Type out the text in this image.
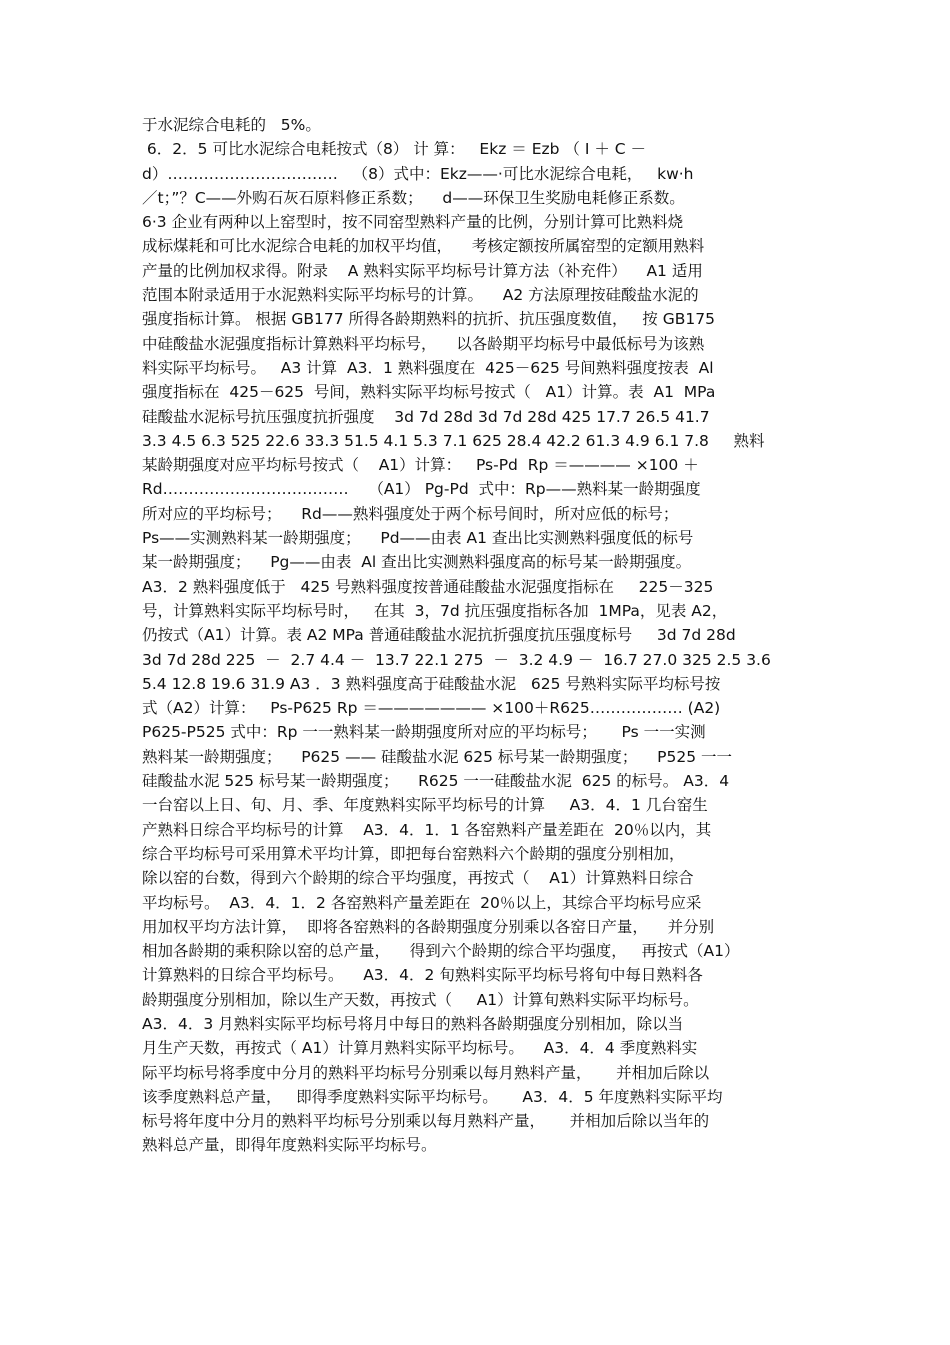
于水泥综合电耗的   5%。
6．2．5 可比水泥综合电耗按式（8） 计 算：   Ekz ＝ Ezb （ I ＋ C －
d）……………………………   （8）式中：Ekz——·可比水泥综合电耗，   kw·h
／t；”？C——外购石灰石原料修正系数；    d——环保卫生奖励电耗修正系数。
6·3 企业有两种以上窑型时，按不同窑型熟料产量的比例，分别计算可比熟料烧
成标煤耗和可比水泥综合电耗的加权平均值，    考核定额按所属窑型的定额用熟料
产量的比例加权求得。附录    A 熟料实际平均标号计算方法（补充件）    A1 适用
范围本附录适用于水泥熟料实际平均标号的计算。    A2 方法原理按硅酸盐水泥的
强度指标计算。 根据 GB177 所得各龄期熟料的抗折、抗压强度数值，   按 GB175
中硅酸盐水泥强度指标计算熟料平均标号，    以各龄期平均标号中最低标号为该熟
料实际平均标号。   A3 计算  A3．1 熟料强度在  425－625 号间熟料强度按表  Al
强度指标在  425－625  号间，熟料实际平均标号按式（   A1）计算。表  A1  MPa
硅酸盐水泥标号抗压强度抗折强度    3d 7d 28d 3d 7d 28d 425 17.7 26.5 41.7
3.3 4.5 6.3 525 22.6 33.3 51.5 4.1 5.3 7.1 625 28.4 42.2 61.3 4.9 6.1 7.8     熟料
某龄期强度对应平均标号按式（    A1）计算：   Ps-Pd  Rp ＝———— ×100 ＋
Rd………………………………    （A1） Pg-Pd  式中：Rp——熟料某一龄期强度
所对应的平均标号；    Rd——熟料强度处于两个标号间时，所对应低的标号；
Ps——实测熟料某一龄期强度；    Pd——由表 A1 查出比实测熟料强度低的标号
某一龄期强度；    Pg——由表  Al 查出比实测熟料强度高的标号某一龄期强度。
A3．2 熟料强度低于   425 号熟料强度按普通硅酸盐水泥强度指标在     225－325
号，计算熟料实际平均标号时，   在其  3，7d 抗压强度指标各加  1MPa，见表 A2，
仍按式（A1）计算。表 A2 MPa 普通硅酸盐水泥抗折强度抗压强度标号     3d 7d 28d
3d 7d 28d 225  －  2.7 4.4 －  13.7 22.1 275  －  3.2 4.9 －  16.7 27.0 325 2.5 3.6
5.4 12.8 19.6 31.9 A3 ．3 熟料强度高于硅酸盐水泥   625 号熟料实际平均标号按
式（A2）计算：   Ps-P625 Rp ＝——————— ×100＋R625……………… (A2)
P625-P525 式中：Rp 一一熟料某一龄期强度所对应的平均标号；     Ps 一一实测
熟料某一龄期强度；    P625 —— 硅酸盐水泥 625 标号某一龄期强度；    P525 一一
硅酸盐水泥 525 标号某一龄期强度；    R625 一一硅酸盐水泥  625 的标号。 A3．4
一台窑以上日、旬、月、季、年度熟料实际平均标号的计算     A3．4．1 几台窑生
产熟料日综合平均标号的计算    A3．4．1．1 各窑熟料产量差距在  20％以内，其
综合平均标号可采用算术平均计算，即把每台窑熟料六个龄期的强度分别相加，
除以窑的台数，得到六个龄期的综合平均强度，再按式（    A1）计算熟料日综合
平均标号。  A3．4．1．2 各窑熟料产量差距在  20％以上，其综合平均标号应采
用加权平均方法计算，  即将各窑熟料的各龄期强度分别乘以各窑日产量，    并分别
相加各龄期的乘积除以窑的总产量，    得到六个龄期的综合平均强度，   再按式（A1）
计算熟料的日综合平均标号。    A3．4．2 旬熟料实际平均标号将旬中每日熟料各
龄期强度分别相加，除以生产天数，再按式（     A1）计算旬熟料实际平均标号。
A3．4．3 月熟料实际平均标号将月中每日的熟料各龄期强度分别相加，除以当
月生产天数，再按式（ A1）计算月熟料实际平均标号。    A3．4．4 季度熟料实
际平均标号将季度中分月的熟料平均标号分别乘以每月熟料产量，     并相加后除以
该季度熟料总产量，   即得季度熟料实际平均标号。     A3．4．5 年度熟料实际平均
标号将年度中分月的熟料平均标号分别乘以每月熟料产量，     并相加后除以当年的
熟料总产量，即得年度熟料实际平均标号。
